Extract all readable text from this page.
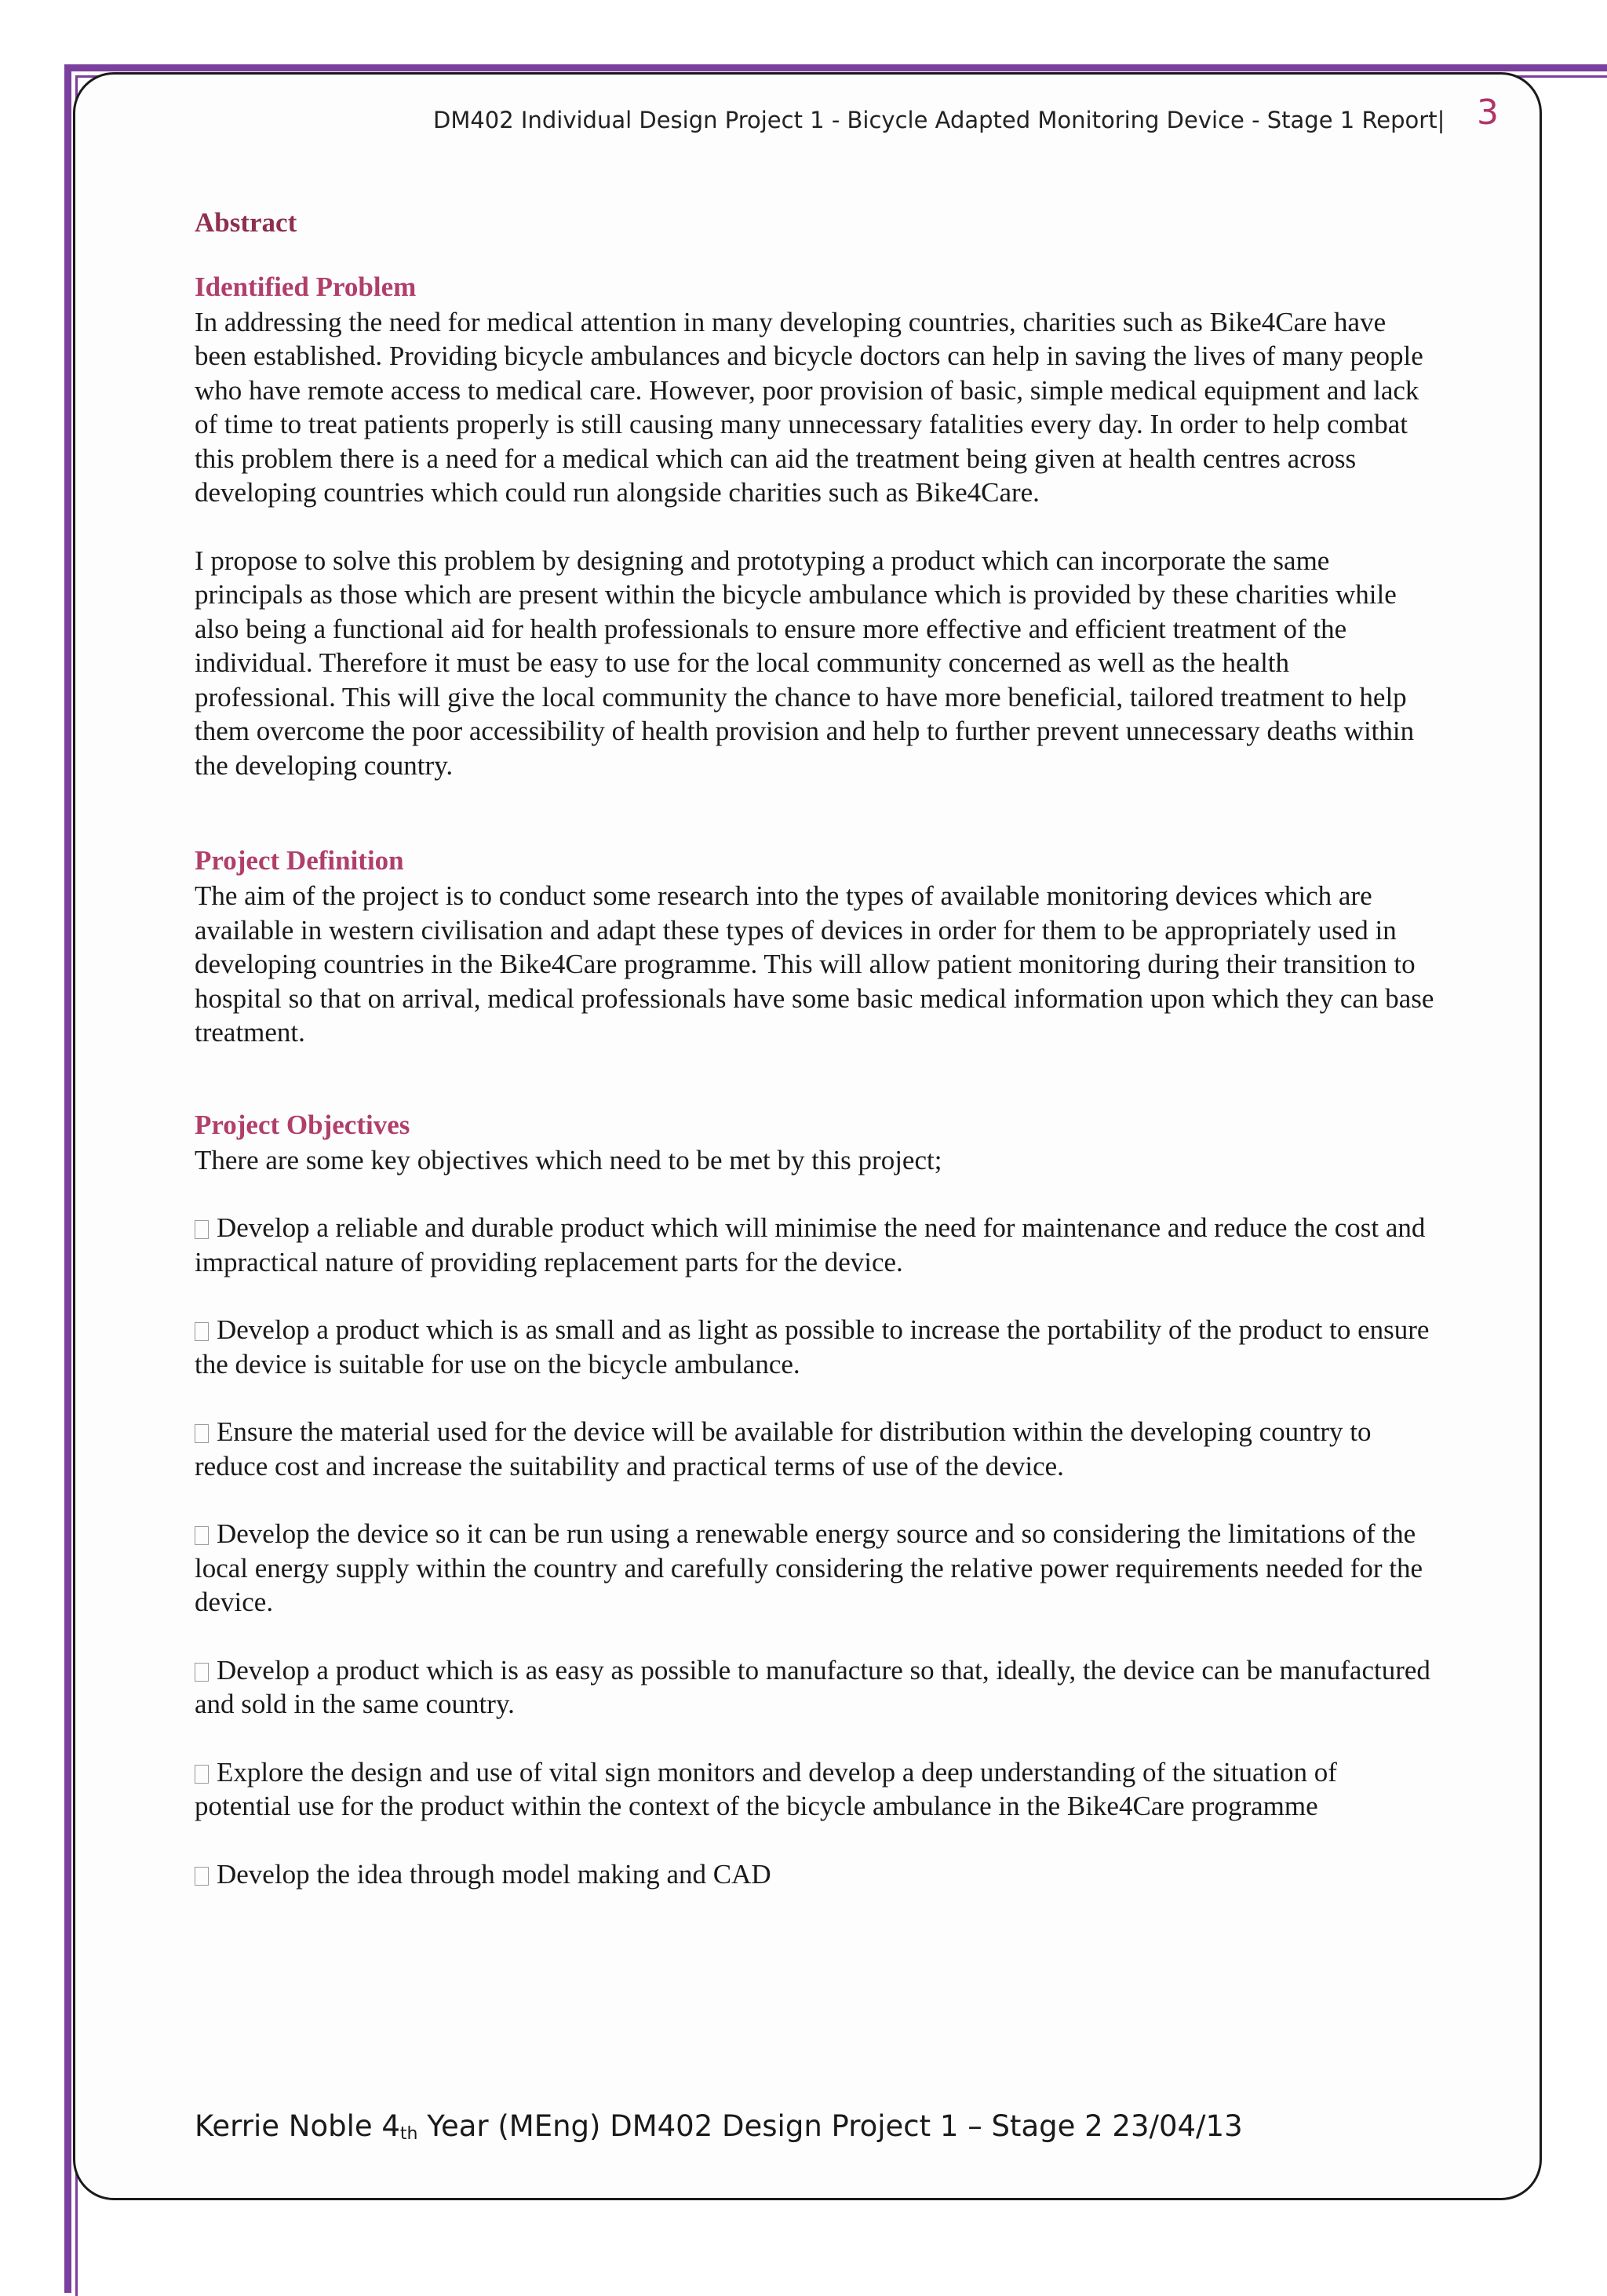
DM402 Individual Design Project 1 - Bicycle Adapted Monitoring Device - Stage 1 Report| 3
Abstract
Identified Problem

In addressing the need for medical attention in many developing countries, charities such as Bike4Care have been established. Providing bicycle ambulances and bicycle doctors can help in saving the lives of many people who have remote access to medical care. However, poor provision of basic, simple medical equipment and lack of time to treat patients properly is still causing many unnecessary fatalities every day. In order to help combat this problem there is a need for a medical which can aid the treatment being given at health centres across developing countries which could run alongside charities such as Bike4Care.

I propose to solve this problem by designing and prototyping a product which can incorporate the same principals as those which are present within the bicycle ambulance which is provided by these charities while also being a functional aid for health professionals to ensure more effective and efficient treatment of the individual. Therefore it must be easy to use for the local community concerned as well as the health professional. This will give the local community the chance to have more beneficial, tailored treatment to help them overcome the poor accessibility of health provision and help to further prevent unnecessary deaths within the developing country.

Project Definition

The aim of the project is to conduct some research into the types of available monitoring devices which are available in western civilisation and adapt these types of devices in order for them to be appropriately used in developing countries in the Bike4Care programme. This will allow patient monitoring during their transition to hospital so that on arrival, medical professionals have some basic medical information upon which they can base treatment.

Project Objectives

There are some key objectives which need to be met by this project;

Develop a reliable and durable product which will minimise the need for maintenance and reduce the cost and impractical nature of providing replacement parts for the device.
Develop a product which is as small and as light as possible to increase the portability of the product to ensure the device is suitable for use on the bicycle ambulance.
Ensure the material used for the device will be available for distribution within the developing country to reduce cost and increase the suitability and practical terms of use of the device.
Develop the device so it can be run using a renewable energy source and so considering the limitations of the local energy supply within the country and carefully considering the relative power requirements needed for the device.
Develop a product which is as easy as possible to manufacture so that, ideally, the device can be manufactured and sold in the same country.
Explore the design and use of vital sign monitors and develop a deep understanding of the situation of potential use for the product within the context of the bicycle ambulance in the Bike4Care programme
Develop the idea through model making and CAD
Kerrie Noble $4_{th}$ Year (MEng) DM402 Design Project 1 – Stage 2 23/04/13
